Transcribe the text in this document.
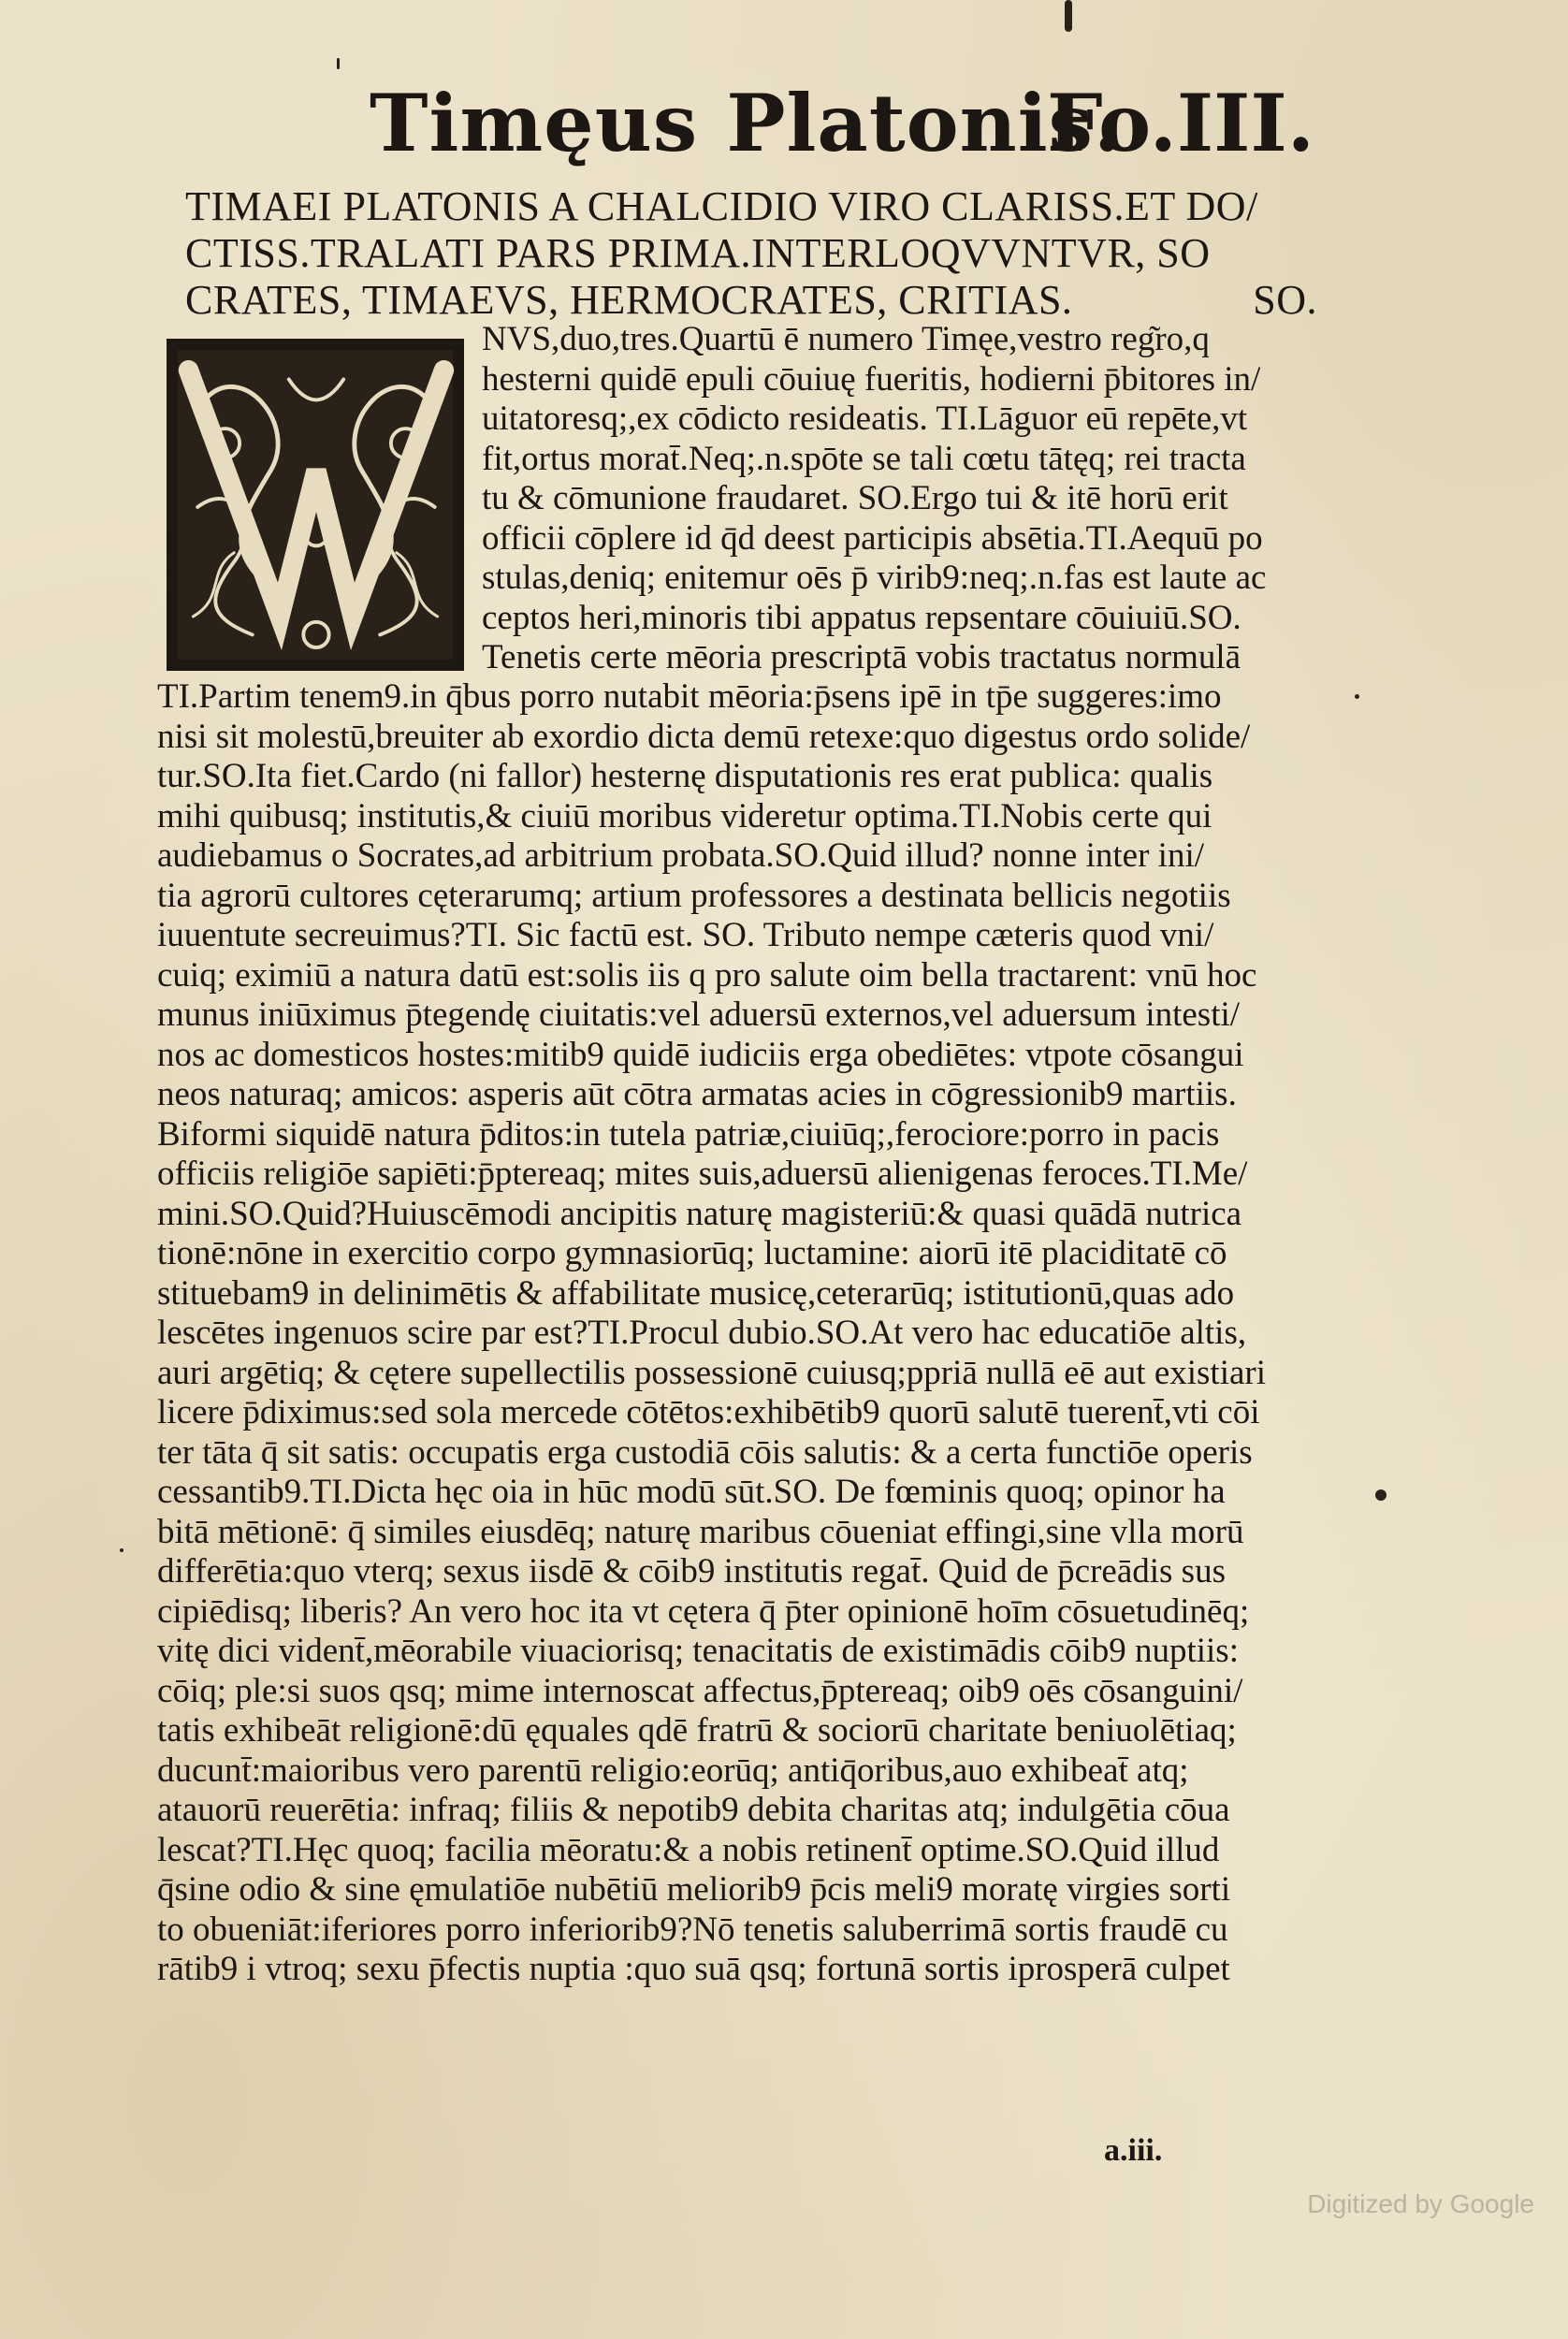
Timęus Platonis.
Fo.III.
TIMAEI PLATONIS A CHALCIDIO VIRO CLARISS.ET DO/
CTISS.TRALATI PARS PRIMA.INTERLOQVVNTVR, SO
CRATES, TIMAEVS, HERMOCRATES, CRITIAS.	SO.
NVS,duo,tres.Quartū ē numero Timęe,vestro reg͂ro,q
hesterni quidē epuli cōuiuę fueritis, hodierni p̄bitores in/
uitatoresq;,ex cōdicto resideatis. TI.Lāguor eū repēte,vt
fit,ortus morat̄.Neq;.n.spōte se tali cœtu tātęq; rei tracta
tu & cōmunione fraudaret. SO.Ergo tui & itē horū erit
officii cōplere id q̄d deest participis absētia.TI.Aequū po
stulas,deniq; enitemur oēs p̄ virib9:neq;.n.fas est laute ac
ceptos heri,minoris tibi appatus repsentare cōuiuiū.SO.
Tenetis certe mēoria prescriptā vobis tractatus normulā
TI.Partim tenem9.in q̄bus porro nutabit mēoria:p̄sens ipē in tp̄e suggeres:imo
nisi sit molestū,breuiter ab exordio dicta demū retexe:quo digestus ordo solide/
tur.SO.Ita fiet.Cardo (ni fallor) hesternę disputationis res erat publica: qualis
mihi quibusq; institutis,& ciuiū moribus videretur optima.TI.Nobis certe qui
audiebamus o Socrates,ad arbitrium probata.SO.Quid illud? nonne inter ini/
tia agrorū cultores cęterarumq; artium professores a destinata bellicis negotiis
iuuentute secreuimus?TI. Sic factū est. SO. Tributo nempe cæteris quod vni/
cuiq; eximiū a natura datū est:solis iis q pro salute oim bella tractarent: vnū hoc
munus iniūximus p̄tegendę ciuitatis:vel aduersū externos,vel aduersum intesti/
nos ac domesticos hostes:mitib9 quidē iudiciis erga obediētes: vtpote cōsangui
neos naturaq; amicos: asperis aūt cōtra armatas acies in cōgressionib9 martiis.
Biformi siquidē natura p̄ditos:in tutela patriæ,ciuiūq;,ferociore:porro in pacis
officiis religiōe sapiēti:p̄ptereaq; mites suis,aduersū alienigenas feroces.TI.Me/
mini.SO.Quid?Huiuscēmodi ancipitis naturę magisteriū:& quasi quādā nutrica
tionē:nōne in exercitio corpo gymnasiorūq; luctamine: aiorū itē placiditatē cō
stituebam9 in delinimētis & affabilitate musicę,ceterarūq; istitutionū,quas ado
lescētes ingenuos scire par est?TI.Procul dubio.SO.At vero hac educatiōe altis,
auri argētiq; & cętere supellectilis possessionē cuiusq;ppriā nullā eē aut existiari
licere p̄diximus:sed sola mercede cōtētos:exhibētib9 quorū salutē tuerent̄,vti cōi
ter tāta q̄ sit satis: occupatis erga custodiā cōis salutis: & a certa functiōe operis
cessantib9.TI.Dicta hęc oia in hūc modū sūt.SO. De fœminis quoq; opinor ha
bitā mētionē: q̄ similes eiusdēq; naturę maribus cōueniat effingi,sine vlla morū
differētia:quo vterq; sexus iisdē & cōib9 institutis regat̄. Quid de p̄creādis sus
cipiēdisq; liberis? An vero hoc ita vt cętera q̄ p̄ter opinionē hoīm cōsuetudinēq;
vitę dici vident̄,mēorabile viuaciorisq; tenacitatis de existimādis cōib9 nuptiis:
cōiq; ple:si suos qsq; mime internoscat affectus,p̄ptereaq; oib9 oēs cōsanguini/
tatis exhibeāt religionē:dū ęquales qdē fratrū & sociorū charitate beniuolētiaq;
ducunt̄:maioribus vero parentū religio:eorūq; antiq̄oribus,auo exhibeat̄ atq;
atauorū reuerētia: infraq; filiis & nepotib9 debita charitas atq; indulgētia cōua
lescat?TI.Hęc quoq; facilia mēoratu:& a nobis retinent̄ optime.SO.Quid illud
q̄sine odio & sine ęmulatiōe nubētiū meliorib9 p̄cis meli9 moratę virgies sorti
to obueniāt:iferiores porro inferiorib9?Nō tenetis saluberrimā sortis fraudē cu
rātib9 i vtroq; sexu p̄fectis nuptia :quo suā qsq; fortunā sortis iprosperā culpet
a.iii.
Digitized by Google
